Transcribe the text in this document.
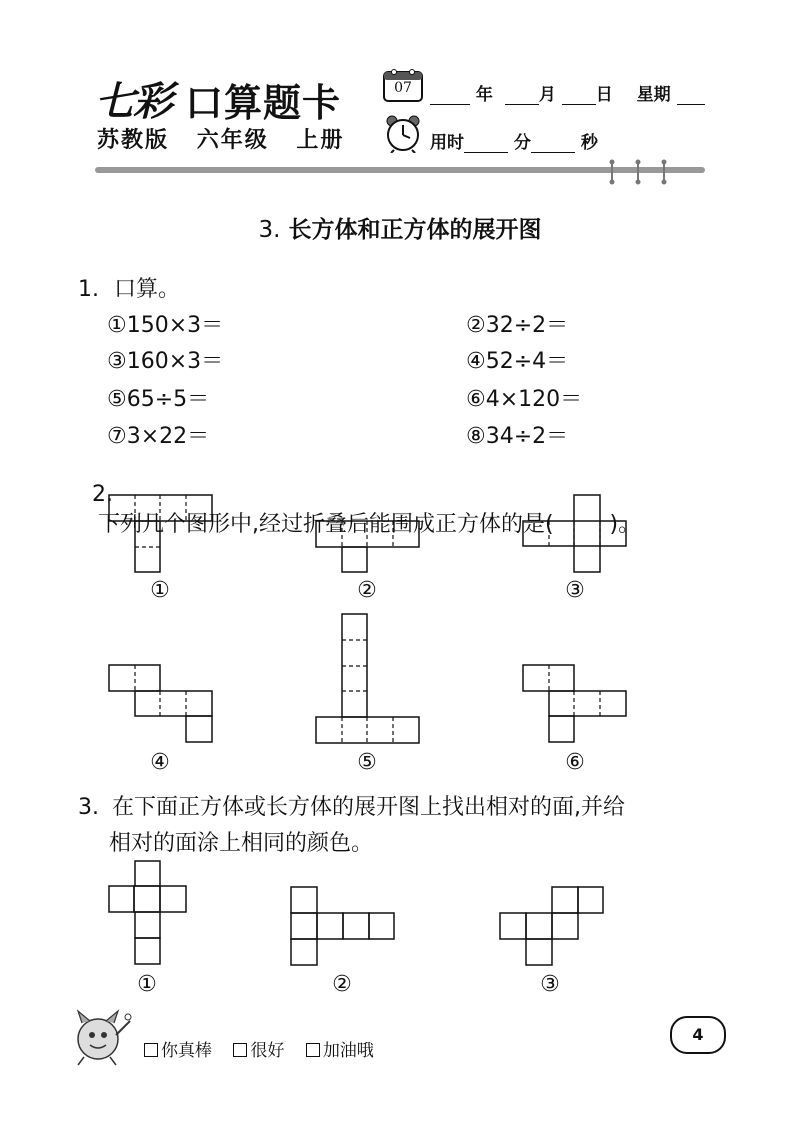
七彩 口算题卡
苏教版 六年级 上册
07	年	月 日 星期
用时	分	秒
3. 长方体和正方体的展开图
1. 口算。
①150×3＝	②32÷2＝
③160×3＝	④52÷4＝
⑤65÷5＝	⑥4×120＝
⑦3×22＝	⑧34÷2＝

2.
下列几个图形中,经过折叠后能围成正方体的是(        )。

①	②	③
④	⑤	⑥
3. 在下面正方体或长方体的展开图上找出相对的面,并给
相对的面涂上相同的颜色。
①	②	③
你真棒 很好 加油哦
4
